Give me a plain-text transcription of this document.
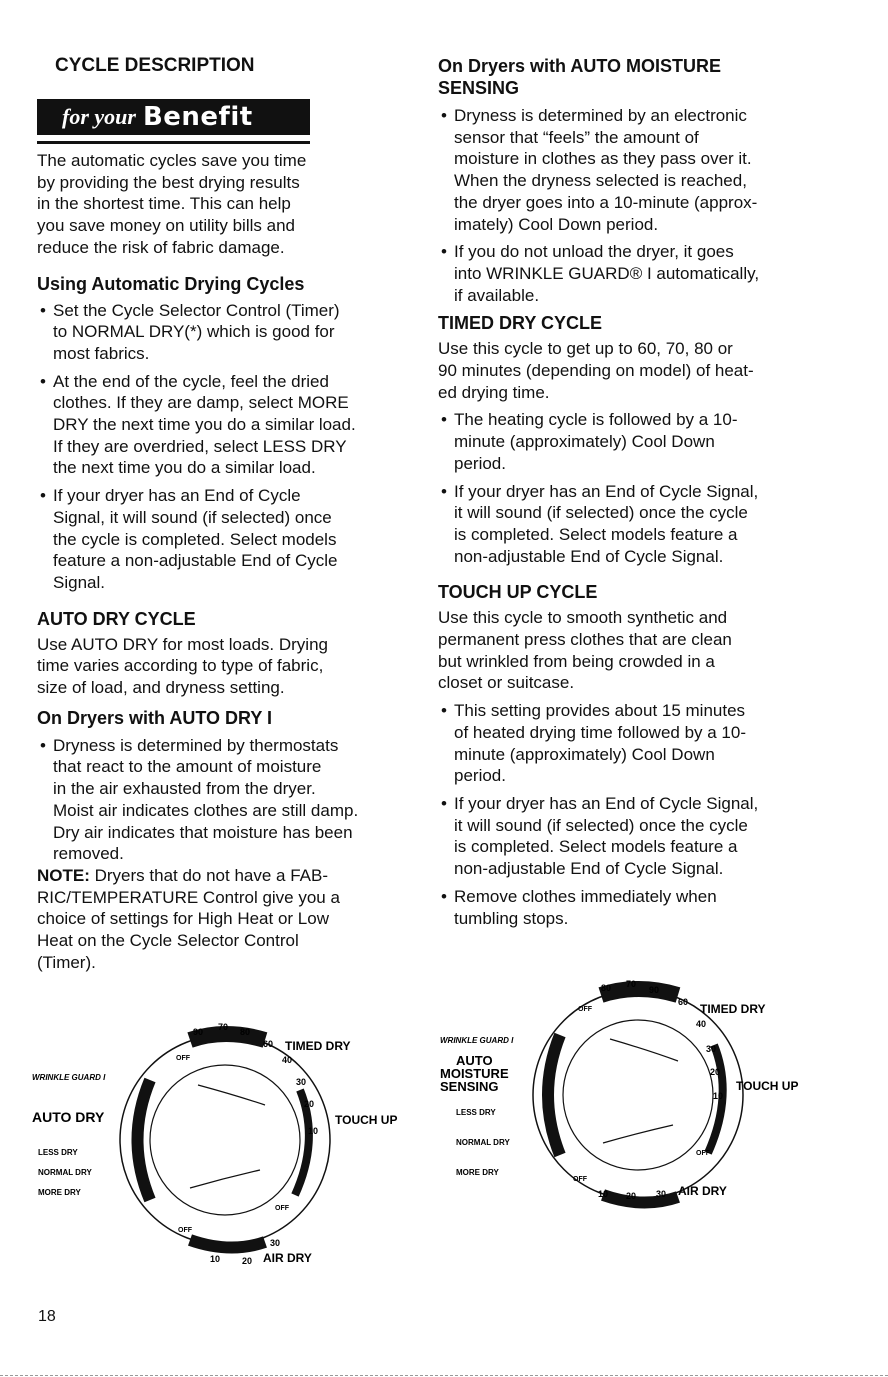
CYCLE DESCRIPTION
for your Benefit
The automatic cycles save you time
by providing the best drying results
in the shortest time. This can help
you save money on utility bills and
reduce the risk of fabric damage.
Using Automatic Drying Cycles
• Set the Cycle Selector Control (Timer)
to NORMAL DRY(*) which is good for
most fabrics.
• At the end of the cycle, feel the dried
clothes. If they are damp, select MORE
DRY the next time you do a similar load.
If they are overdried, select LESS DRY
the next time you do a similar load.
• If your dryer has an End of Cycle
Signal, it will sound (if selected) once
the cycle is completed. Select models
feature a non-adjustable End of Cycle
Signal.
AUTO DRY CYCLE
Use AUTO DRY for most loads. Drying
time varies according to type of fabric,
size of load, and dryness setting.
On Dryers with AUTO DRY I
• Dryness is determined by thermostats
that react to the amount of moisture
in the air exhausted from the dryer.
Moist air indicates clothes are still damp.
Dry air indicates that moisture has been
removed.
NOTE: Dryers that do not have a FAB-
RIC/TEMPERATURE Control give you a
choice of settings for High Heat or Low
Heat on the Cycle Selector Control
(Timer).
On Dryers with AUTO MOISTURE
SENSING
• Dryness is determined by an electronic
sensor that “feels” the amount of
moisture in clothes as they pass over it.
When the dryness selected is reached,
the dryer goes into a 10-minute (approx-
imately) Cool Down period.
• If you do not unload the dryer, it goes
into WRINKLE GUARD® I automatically,
if available.
TIMED DRY CYCLE
Use this cycle to get up to 60, 70, 80 or
90 minutes (depending on model) of heat-
ed drying time.
• The heating cycle is followed by a 10-
minute (approximately) Cool Down
period.
• If your dryer has an End of Cycle Signal,
it will sound (if selected) once the cycle
is completed. Select models feature a
non-adjustable End of Cycle Signal.
TOUCH UP CYCLE
Use this cycle to smooth synthetic and
permanent press clothes that are clean
but wrinkled from being crowded in a
closet or suitcase.
• This setting provides about 15 minutes
of heated drying time followed by a 10-
minute (approximately) Cool Down
period.
• If your dryer has an End of Cycle Signal,
it will sound (if selected) once the cycle
is completed. Select models feature a
non-adjustable End of Cycle Signal.
• Remove clothes immediately when
tumbling stops.
TIMED DRY
TOUCH UP
AIR DRY
AUTO DRY
WRINKLE GUARD I
LESS DRY
NORMAL DRY
MORE DRY
90 70 80
60
40
30
20
10
10 20
30
OFF
OFF
OFF
TIMED DRY
TOUCH UP
AIR DRY
WRINKLE GUARD I
AUTO
MOISTURE
SENSING
LESS DRY
NORMAL DRY
MORE DRY
80 70
90
60
40
30
20
10
10 20 30
OFF
OFF
OFF
18
